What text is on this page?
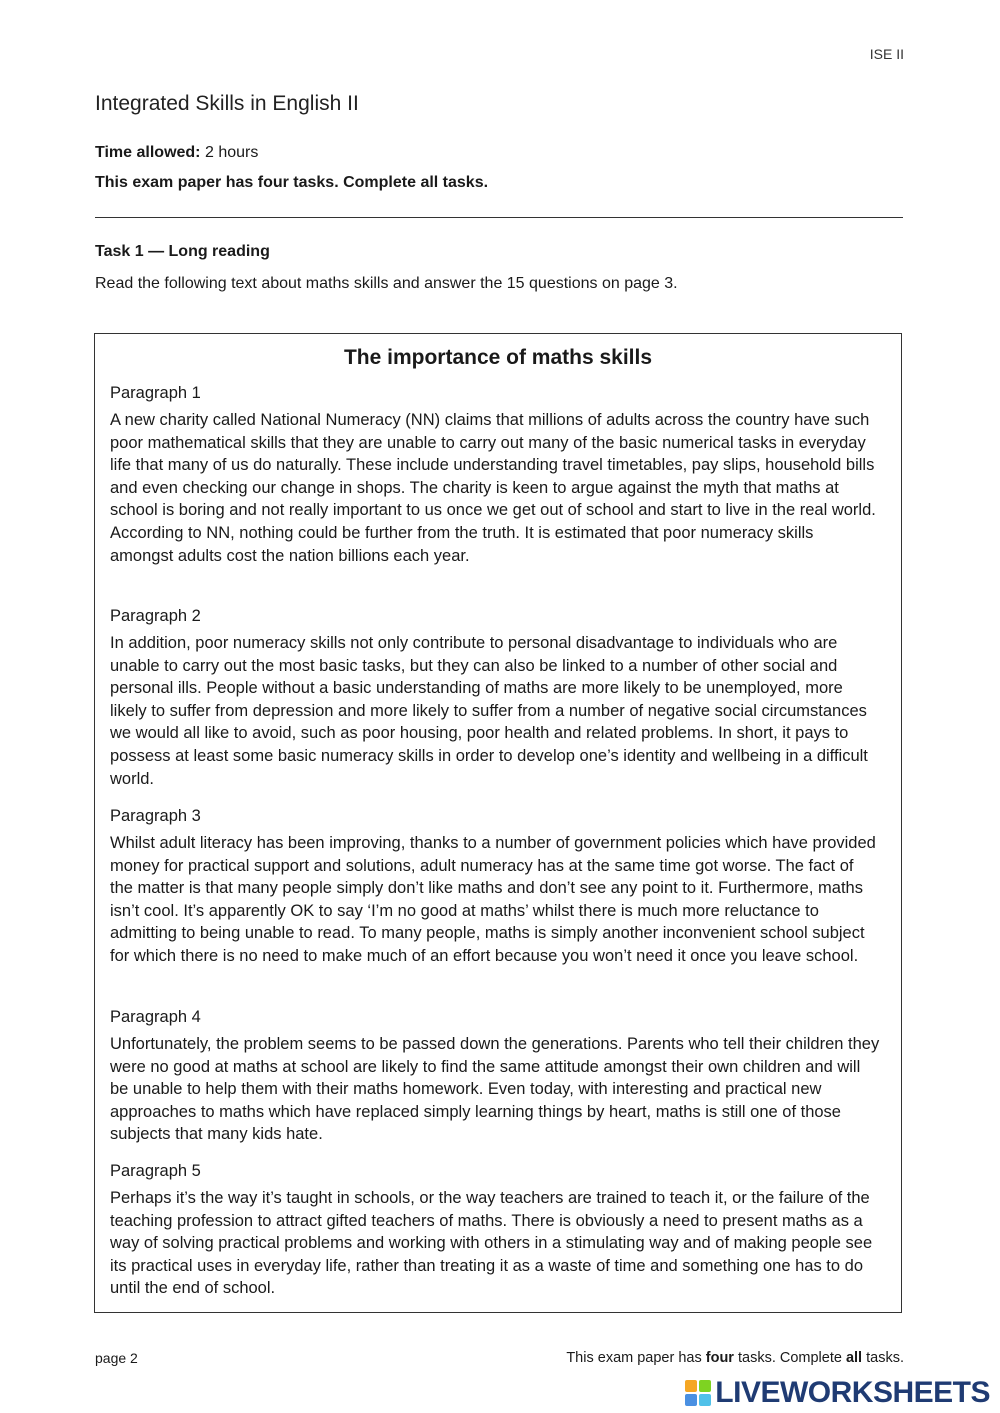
ISE II
Integrated Skills in English II
Time allowed: 2 hours
This exam paper has four tasks. Complete all tasks.
Task 1 — Long reading
Read the following text about maths skills and answer the 15 questions on page 3.
The importance of maths skills

Paragraph 1

A new charity called National Numeracy (NN) claims that millions of adults across the country have such poor mathematical skills that they are unable to carry out many of the basic numerical tasks in everyday life that many of us do naturally. These include understanding travel timetables, pay slips, household bills and even checking our change in shops. The charity is keen to argue against the myth that maths at school is boring and not really important to us once we get out of school and start to live in the real world. According to NN, nothing could be further from the truth. It is estimated that poor numeracy skills amongst adults cost the nation billions each year.

Paragraph 2

In addition, poor numeracy skills not only contribute to personal disadvantage to individuals who are unable to carry out the most basic tasks, but they can also be linked to a number of other social and personal ills. People without a basic understanding of maths are more likely to be unemployed, more likely to suffer from depression and more likely to suffer from a number of negative social circumstances we would all like to avoid, such as poor housing, poor health and related problems. In short, it pays to possess at least some basic numeracy skills in order to develop one’s identity and wellbeing in a difficult world.

Paragraph 3

Whilst adult literacy has been improving, thanks to a number of government policies which have provided money for practical support and solutions, adult numeracy has at the same time got worse. The fact of the matter is that many people simply don’t like maths and don’t see any point to it. Furthermore, maths isn’t cool. It’s apparently OK to say ‘I’m no good at maths’ whilst there is much more reluctance to admitting to being unable to read. To many people, maths is simply another inconvenient school subject for which there is no need to make much of an effort because you won’t need it once you leave school.

Paragraph 4

Unfortunately, the problem seems to be passed down the generations. Parents who tell their children they were no good at maths at school are likely to find the same attitude amongst their own children and will be unable to help them with their maths homework. Even today, with interesting and practical new approaches to maths which have replaced simply learning things by heart, maths is still one of those subjects that many kids hate.

Paragraph 5

Perhaps it’s the way it’s taught in schools, or the way teachers are trained to teach it, or the failure of the teaching profession to attract gifted teachers of maths. There is obviously a need to present maths as a way of solving practical problems and working with others in a stimulating way and of making people see its practical uses in everyday life, rather than treating it as a waste of time and something one has to do until the end of school.

page 2	This exam paper has four tasks. Complete all tasks.
LIVEWORKSHEETS
